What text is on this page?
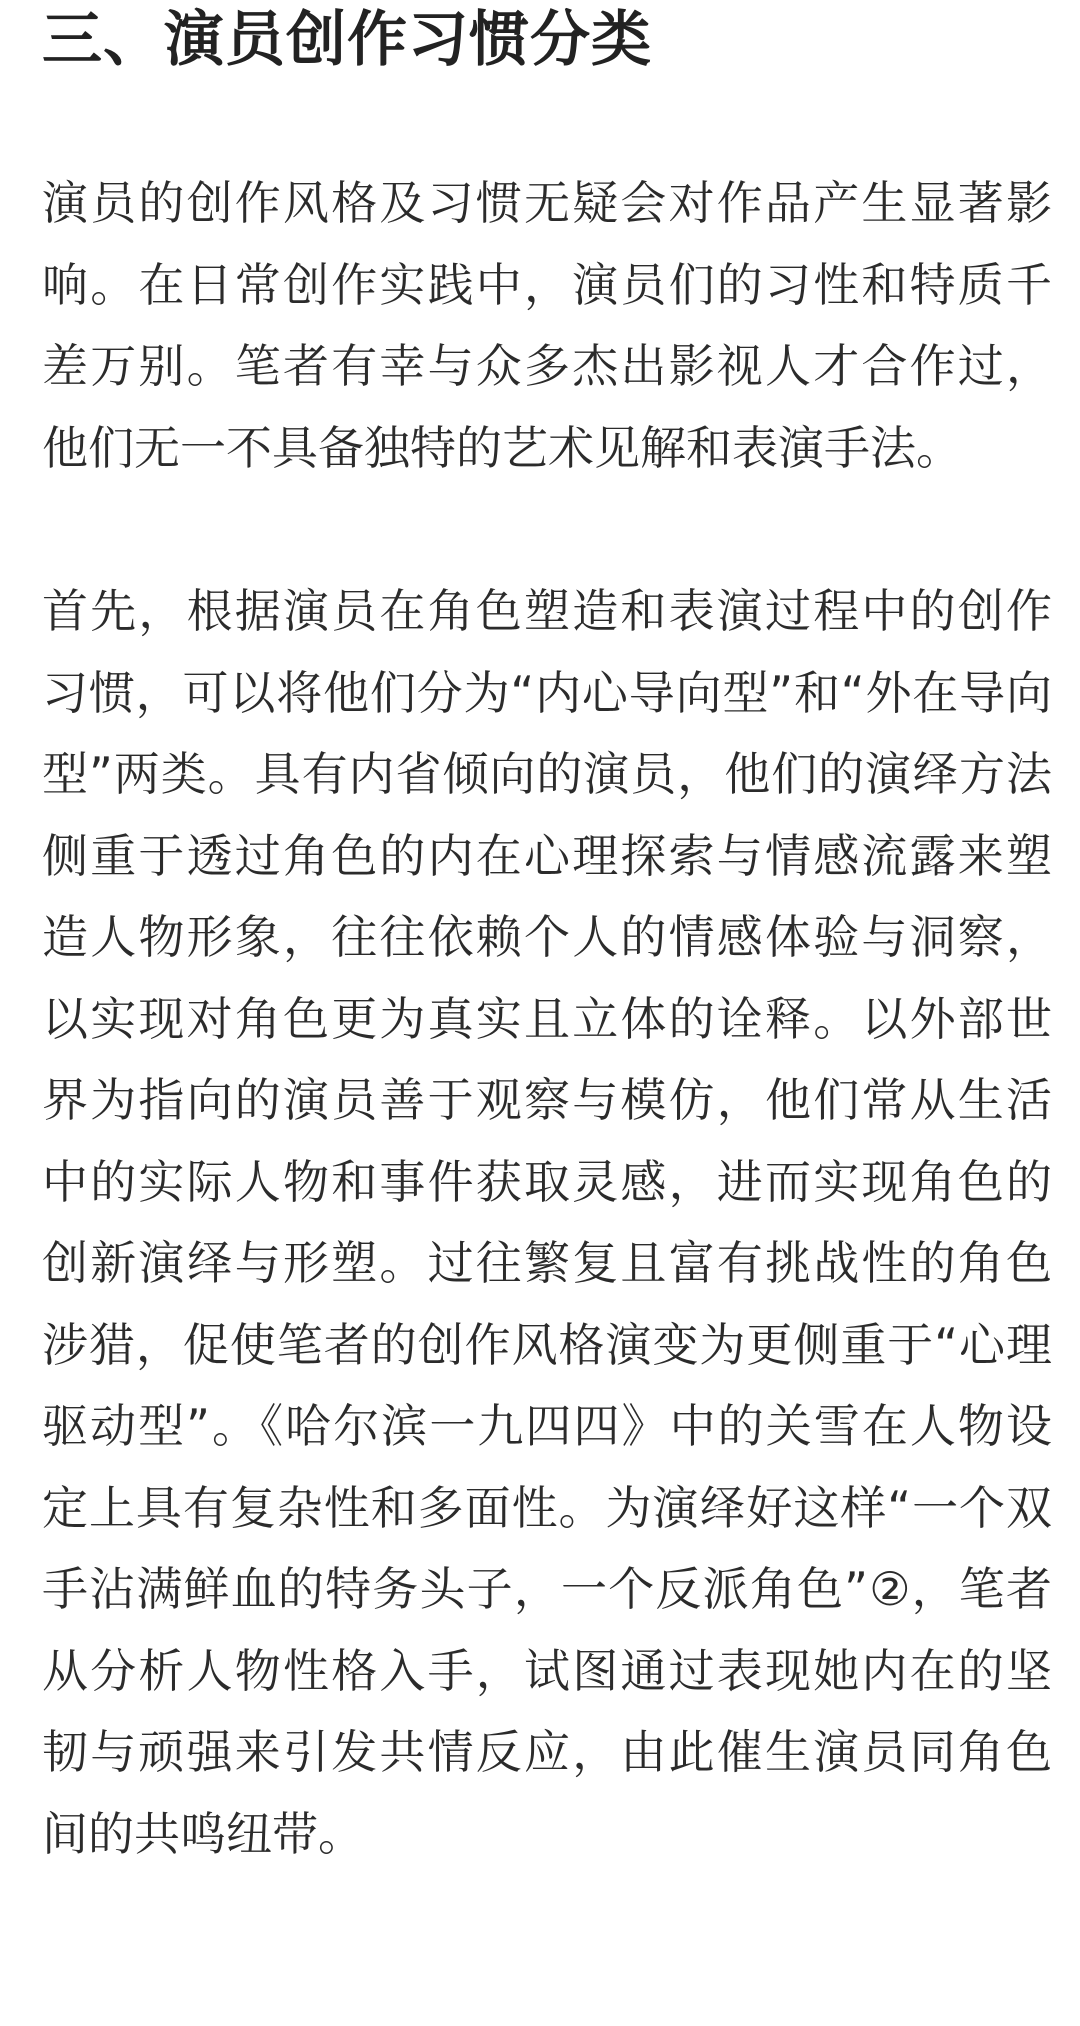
三、演员创作习惯分类

演员的创作风格及习惯无疑会对作品产生显著影响。在日常创作实践中，演员们的习性和特质千差万别。笔者有幸与众多杰出影视人才合作过，他们无一不具备独特的艺术见解和表演手法。

首先，根据演员在角色塑造和表演过程中的创作习惯，可以将他们分为“内心导向型”和“外在导向型”两类。具有内省倾向的演员，他们的演绎方法侧重于透过角色的内在心理探索与情感流露来塑造人物形象，往往依赖个人的情感体验与洞察，以实现对角色更为真实且立体的诠释。以外部世界为指向的演员善于观察与模仿，他们常从生活中的实际人物和事件获取灵感，进而实现角色的创新演绎与形塑。过往繁复且富有挑战性的角色涉猎，促使笔者的创作风格演变为更侧重于“心理驱动型”。《哈尔滨一九四四》中的关雪在人物设定上具有复杂性和多面性。为演绎好这样“一个双手沾满鲜血的特务头子，一个反派角色”②，笔者从分析人物性格入手，试图通过表现她内在的坚韧与顽强来引发共情反应，由此催生演员同角色间的共鸣纽带。
